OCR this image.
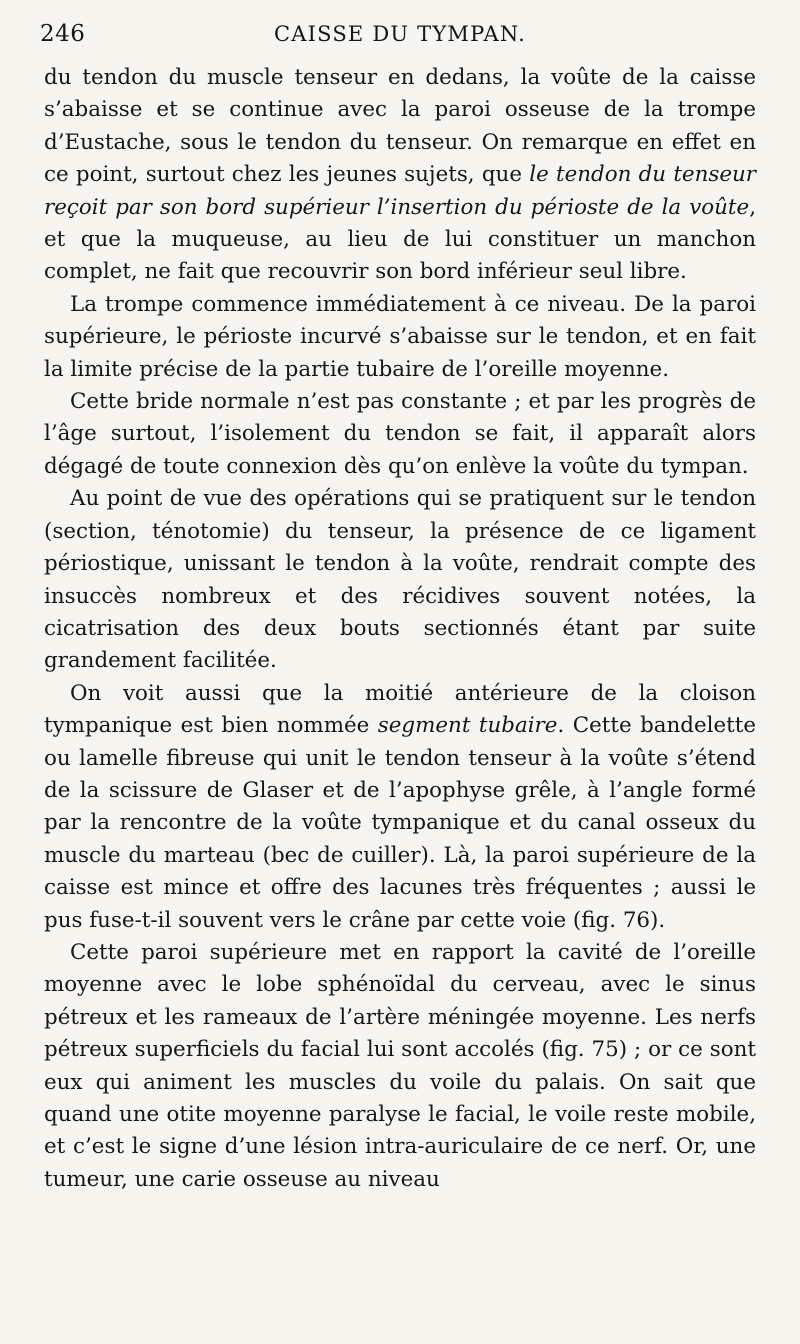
246	CAISSE DU TYMPAN.

du tendon du muscle tenseur en dedans, la voûte de la caisse s’abaisse et se continue avec la paroi osseuse de la trompe d’Eustache, sous le tendon du tenseur. On remarque en effet en ce point, surtout chez les jeunes sujets, que le tendon du tenseur reçoit par son bord supérieur l’insertion du périoste de la voûte, et que la muqueuse, au lieu de lui constituer un manchon complet, ne fait que recouvrir son bord inférieur seul libre.

La trompe commence immédiatement à ce niveau. De la paroi supérieure, le périoste incurvé s’abaisse sur le tendon, et en fait la limite précise de la partie tubaire de l’oreille moyenne.

Cette bride normale n’est pas constante ; et par les progrès de l’âge surtout, l’isolement du tendon se fait, il apparaît alors dégagé de toute connexion dès qu’on enlève la voûte du tympan.

Au point de vue des opérations qui se pratiquent sur le tendon (section, ténotomie) du tenseur, la présence de ce ligament périostique, unissant le tendon à la voûte, rendrait compte des insuccès nombreux et des récidives souvent notées, la cicatrisation des deux bouts sectionnés étant par suite grandement facilitée.

On voit aussi que la moitié antérieure de la cloison tympanique est bien nommée segment tubaire. Cette bandelette ou lamelle fibreuse qui unit le tendon tenseur à la voûte s’étend de la scissure de Glaser et de l’apophyse grêle, à l’angle formé par la rencontre de la voûte tympanique et du canal osseux du muscle du marteau (bec de cuiller). Là, la paroi supérieure de la caisse est mince et offre des lacunes très fréquentes ; aussi le pus fuse-t-il souvent vers le crâne par cette voie (fig. 76).

Cette paroi supérieure met en rapport la cavité de l’oreille moyenne avec le lobe sphénoïdal du cerveau, avec le sinus pétreux et les rameaux de l’artère méningée moyenne. Les nerfs pétreux superficiels du facial lui sont accolés (fig. 75) ; or ce sont eux qui animent les muscles du voile du palais. On sait que quand une otite moyenne paralyse le facial, le voile reste mobile, et c’est le signe d’une lésion intra-auriculaire de ce nerf. Or, une tumeur, une carie osseuse au niveau
